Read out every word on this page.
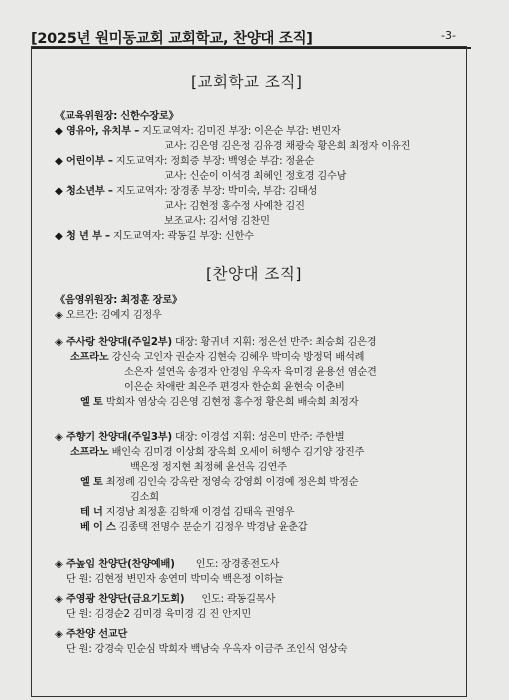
[2025년 원미동교회 교회학교, 찬양대 조직]	-3-
[교회학교 조직]
《교육위원장: 신한수장로》
◆ 영유아, 유치부 – 지도교역자: 김미진 부장: 이은순 부감: 변민자
교사: 김은영 김은정 김유경 채광숙 황은희 최정자 이유진
◆ 어린이부 – 지도교역자: 정희증 부장: 백영순 부감: 정윤순
교사: 신순이 이석경 최혜인 정호경 김수남
◆ 청소년부 – 지도교역자: 장경종 부장: 박미숙, 부감: 김태성
교사: 김현정 홍수정 사예찬 김진
보조교사: 김서영 김찬민
◆ 청 년 부 – 지도교역자: 곽동길 부장: 신한수
[찬양대 조직]
《음영위원장: 최정훈 장로》
◈ 오르간: 김예지 김정우
◈ 주사랑 찬양대(주일2부) 대장: 황귀녀 지휘: 정은선 반주: 최승희 김은경
소프라노 강신숙 고인자 권순자 김현숙 김혜우 박미숙 방정덕 배석례
소은자 설연옥 송경자 안경임 우옥자 육미경 윤용선 염순견
이은순 차애란 최은주 편경자 한순희 윤현숙 이춘비
엘 토 박희자 염상숙 김은영 김현정 홍수정 황은희 배숙희 최정자
◈ 주향기 찬양대(주일3부) 대장: 이경섭 지휘: 성은미 반주: 주한별
소프라노 배인숙 김미경 이상희 장옥희 오세이 허행수 김기양 장진주
백은정 정지현 최정혜 윤선옥 김연주
엘 토 최정례 김인숙 강옥란 정영숙 강영희 이경예 정은희 박정순
김소희
테 너 지경남 최정훈 김학재 이경섭 김태옥 권영우
베 이 스 김종택 전명수 문순기 김정우 박경남 윤춘갑
◈ 주높임 찬양단(찬양예배) 인도: 장경종전도사
단 원: 김현정 변민자 송연미 박미숙 백은정 이하늘
◈ 주영광 찬양단(금요기도회) 인도: 곽동길목사
단 원: 김경순2 김미경 육미경 김 진 안지민
◈ 주찬양 선교단
단 원: 강경숙 민순심 박희자 백남숙 우옥자 이금주 조인식 엄상숙
